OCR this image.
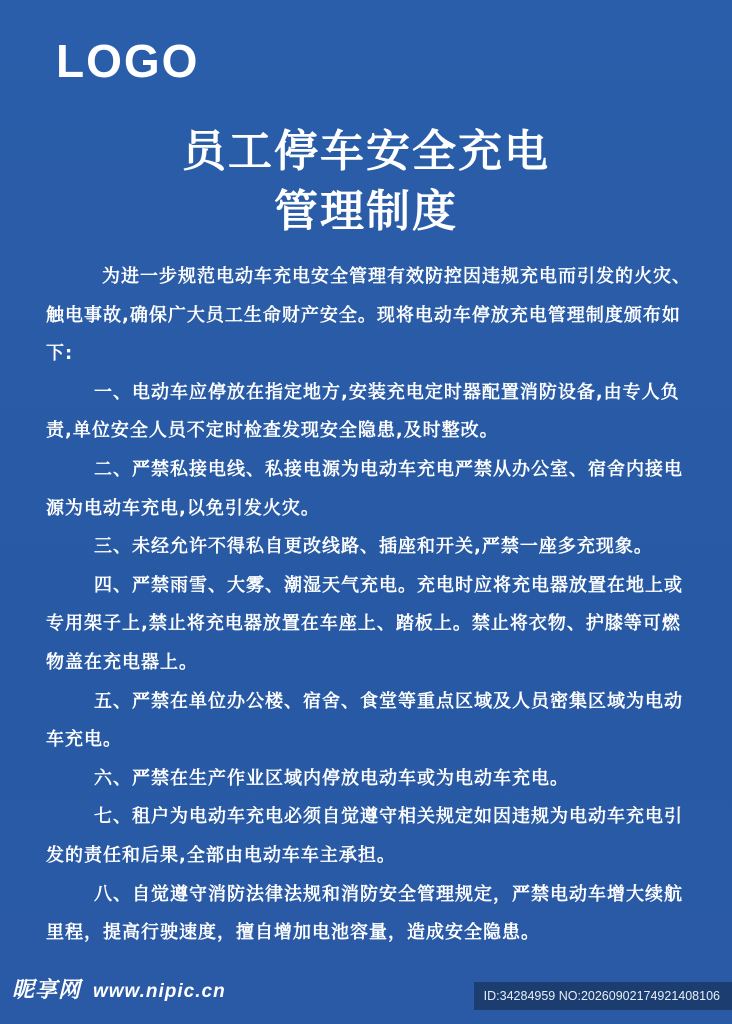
LOGO
员工停车安全充电
管理制度

为进一步规范电动车充电安全管理有效防控因违规充电而引发的火灾、触电事故,确保广大员工生命财产安全。现将电动车停放充电管理制度颁布如下:

一、电动车应停放在指定地方,安装充电定时器配置消防设备,由专人负责,单位安全人员不定时检查发现安全隐患,及时整改。

二、严禁私接电线、私接电源为电动车充电严禁从办公室、宿舍内接电源为电动车充电,以免引发火灾。

三、未经允许不得私自更改线路、插座和开关,严禁一座多充现象。

四、严禁雨雪、大雾、潮湿天气充电。充电时应将充电器放置在地上或专用架子上,禁止将充电器放置在车座上、踏板上。禁止将衣物、护膝等可燃物盖在充电器上。

五、严禁在单位办公楼、宿舍、食堂等重点区域及人员密集区域为电动车充电。

六、严禁在生产作业区域内停放电动车或为电动车充电。

七、租户为电动车充电必须自觉遵守相关规定如因违规为电动车充电引发的责任和后果,全部由电动车车主承担。

八、自觉遵守消防法律法规和消防安全管理规定，严禁电动车增大续航里程，提高行驶速度，擅自增加电池容量，造成安全隐患。

昵享网 www.nipic.cn	ID:34284959 NO:20260902174921408106
